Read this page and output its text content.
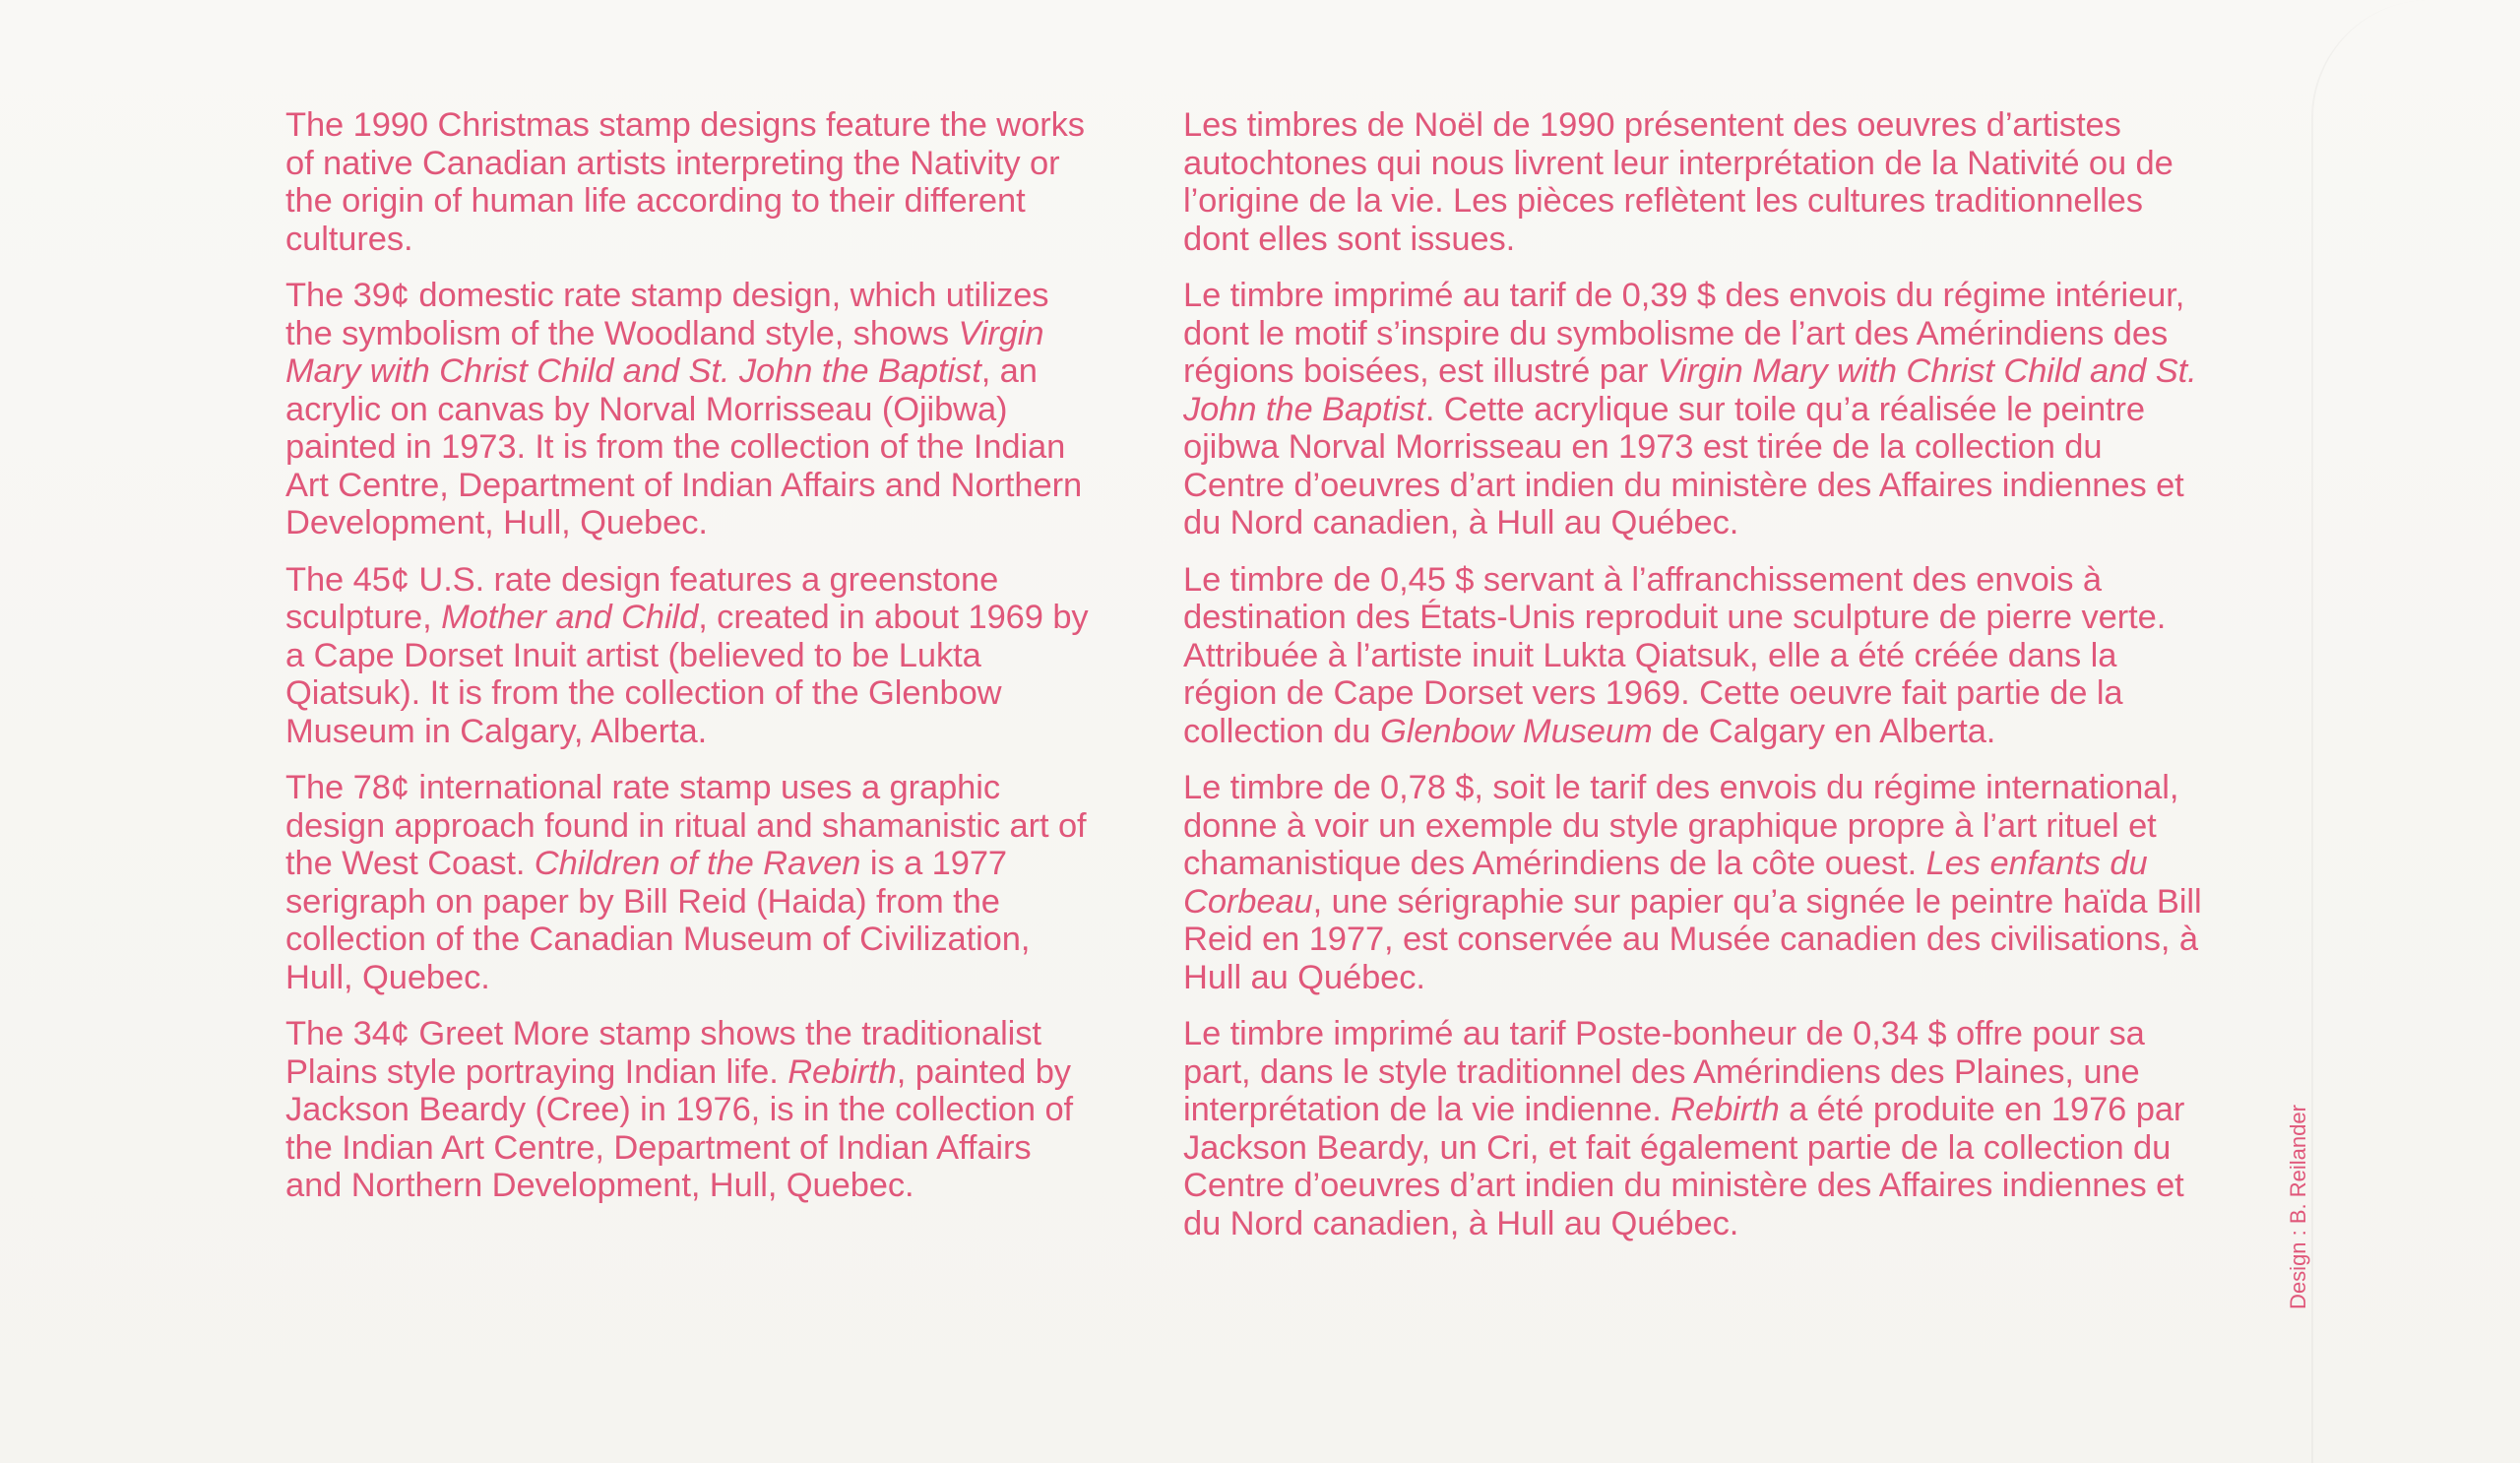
The 1990 Christmas stamp designs feature the works of native Canadian artists interpreting the Nativity or the origin of human life according to their different cultures.

The 39¢ domestic rate stamp design, which utilizes the symbolism of the Woodland style, shows Virgin Mary with Christ Child and St. John the Baptist, an acrylic on canvas by Norval Morrisseau (Ojibwa) painted in 1973. It is from the collection of the Indian Art Centre, Department of Indian Affairs and Northern Development, Hull, Quebec.

The 45¢ U.S. rate design features a greenstone sculpture, Mother and Child, created in about 1969 by a Cape Dorset Inuit artist (believed to be Lukta Qiatsuk). It is from the collection of the Glenbow Museum in Calgary, Alberta.

The 78¢ international rate stamp uses a graphic design approach found in ritual and shamanistic art of the West Coast. Children of the Raven is a 1977 serigraph on paper by Bill Reid (Haida) from the collection of the Canadian Museum of Civilization, Hull, Quebec.

The 34¢ Greet More stamp shows the traditionalist Plains style portraying Indian life. Rebirth, painted by Jackson Beardy (Cree) in 1976, is in the collection of the Indian Art Centre, Department of Indian Affairs and Northern Development, Hull, Quebec.

Les timbres de Noël de 1990 présentent des oeuvres d’artistes autochtones qui nous livrent leur interprétation de la Nativité ou de l’origine de la vie. Les pièces reflètent les cultures traditionnelles dont elles sont issues.

Le timbre imprimé au tarif de 0,39 $ des envois du régime intérieur, dont le motif s’inspire du symbolisme de l’art des Amérindiens des régions boisées, est illustré par Virgin Mary with Christ Child and St. John the Baptist. Cette acrylique sur toile qu’a réalisée le peintre ojibwa Norval Morrisseau en 1973 est tirée de la collection du Centre d’oeuvres d’art indien du ministère des Affaires indiennes et du Nord canadien, à Hull au Québec.

Le timbre de 0,45 $ servant à l’affranchissement des envois à destination des États-Unis reproduit une sculpture de pierre verte. Attribuée à l’artiste inuit Lukta Qiatsuk, elle a été créée dans la région de Cape Dorset vers 1969. Cette oeuvre fait partie de la collection du Glenbow Museum de Calgary en Alberta.

Le timbre de 0,78 $, soit le tarif des envois du régime international, donne à voir un exemple du style graphique propre à l’art rituel et chamanistique des Amérindiens de la côte ouest. Les enfants du Corbeau, une sérigraphie sur papier qu’a signée le peintre haïda Bill Reid en 1977, est conservée au Musée canadien des civilisations, à Hull au Québec.

Le timbre imprimé au tarif Poste-bonheur de 0,34 $ offre pour sa part, dans le style traditionnel des Amérindiens des Plaines, une interprétation de la vie indienne. Rebirth a été produite en 1976 par Jackson Beardy, un Cri, et fait également partie de la collection du Centre d’oeuvres d’art indien du ministère des Affaires indiennes et du Nord canadien, à Hull au Québec.	Design : B. Reilander
